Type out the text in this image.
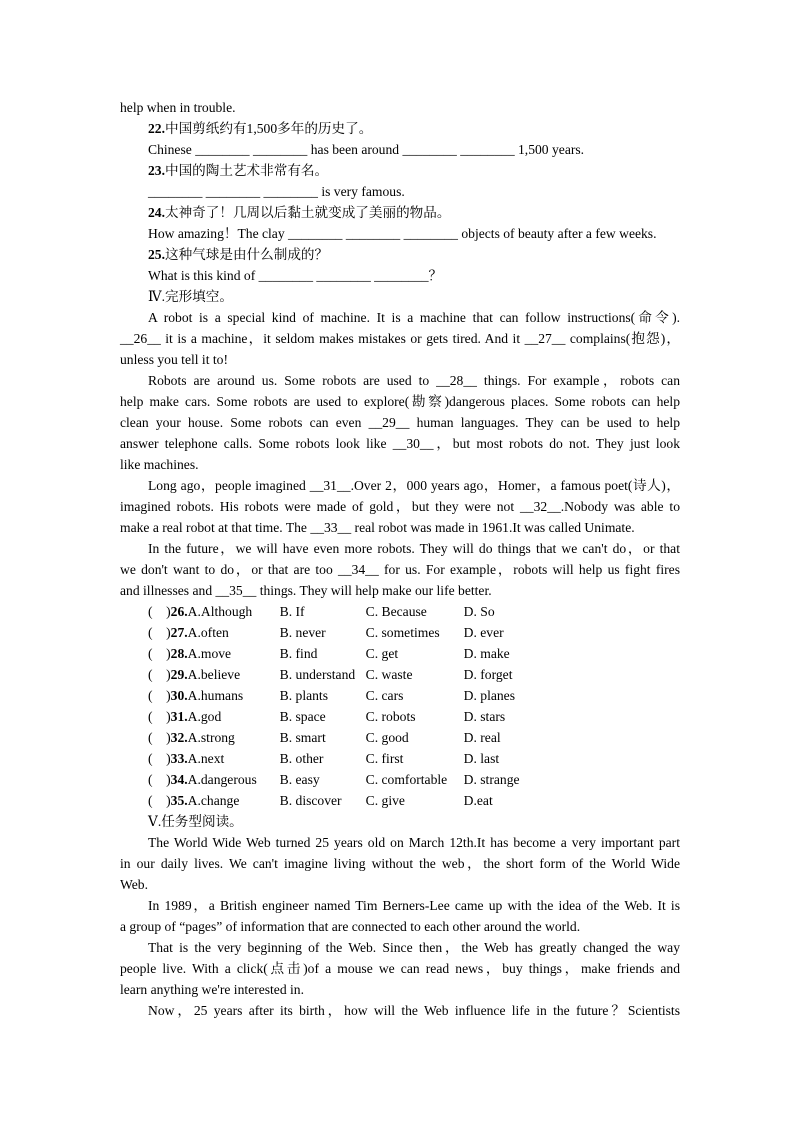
help when in trouble.
22.中国剪纸约有1,500多年的历史了。
Chinese ________ ________ has been around ________ ________ 1,500 years.
23.中国的陶土艺术非常有名。
________ ________ ________ is very famous.
24.太神奇了！几周以后黏土就变成了美丽的物品。
How amazing！The clay ________ ________ ________ objects of beauty after a few weeks.
25.这种气球是由什么制成的？
What is this kind of ________ ________ ________？
Ⅳ.完形填空。
A robot is a special kind of machine. It is a machine that can follow instructions(命令).
__26__ it is a machine，it seldom makes mistakes or gets tired. And it __27__ complains(抱怨)，
unless you tell it to!
Robots are around us. Some robots are used to __28__ things. For example，robots can
help make cars. Some robots are used to explore(勘察)dangerous places. Some robots can help
clean your house. Some robots can even __29__ human languages. They can be used to help
answer telephone calls. Some robots look like __30__，but most robots do not. They just look
like machines.
Long ago，people imagined __31__.Over 2，000 years ago，Homer，a famous poet(诗人)，
imagined robots. His robots were made of gold，but they were not __32__.Nobody was able to
make a real robot at that time. The __33__ real robot was made in 1961.It was called Unimate.
In the future，we will have even more robots. They will do things that we can't do，or that
we don't want to do，or that are too __34__ for us. For example，robots will help us fight fires
and illnesses and __35__ things. They will help make our life better.
(　)26.A.Although B. If	C. Because	D. So
(　)27.A.often	B. never	C. sometimes D. ever
(　)28.A.move	B. find	C. get	D. make
(　)29.A.believe	B. understand C. waste	D. forget
(　)30.A.humans	B. plants	C. cars	D. planes
(　)31.A.god	B. space	C. robots	D. stars
(　)32.A.strong	B. smart	C. good	D. real
(　)33.A.next	B. other	C. first	D. last
(　)34.A.dangerous B. easy	C. comfortable D. strange
(　)35.A.change	B. discover C. give	D.eat
Ⅴ.任务型阅读。
The World Wide Web turned 25 years old on March 12th.It has become a very important part
in our daily lives. We can't imagine living without the web，the short form of the World Wide
Web.
In 1989，a British engineer named Tim Berners-Lee came up with the idea of the Web. It is
a group of “pages” of information that are connected to each other around the world.
That is the very beginning of the Web. Since then，the Web has greatly changed the way
people live. With a click(点击)of a mouse we can read news，buy things，make friends and
learn anything we're interested in.
Now，25 years after its birth，how will the Web influence life in the future？Scientists
